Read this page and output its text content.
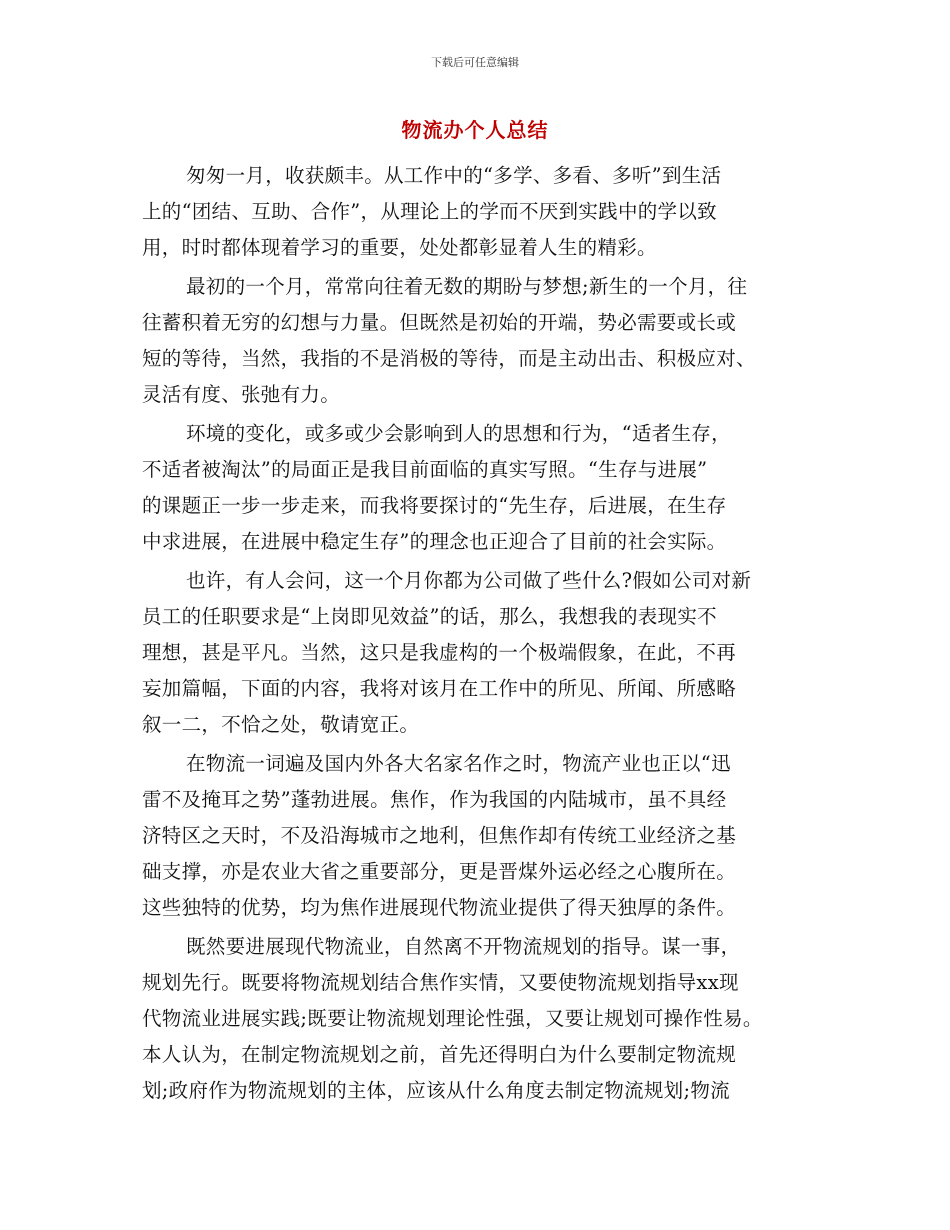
下载后可任意编辑
物流办个人总结
匆匆一月，收获颇丰。从工作中的“多学、多看、多听”到生活
上的“团结、互助、合作”，从理论上的学而不厌到实践中的学以致
用，时时都体现着学习的重要，处处都彰显着人生的精彩。
最初的一个月，常常向往着无数的期盼与梦想;新生的一个月，往
往蓄积着无穷的幻想与力量。但既然是初始的开端，势必需要或长或
短的等待，当然，我指的不是消极的等待，而是主动出击、积极应对、
灵活有度、张弛有力。
环境的变化，或多或少会影响到人的思想和行为，“适者生存，
不适者被淘汰”的局面正是我目前面临的真实写照。“生存与进展”
的课题正一步一步走来，而我将要探讨的“先生存，后进展，在生存
中求进展，在进展中稳定生存”的理念也正迎合了目前的社会实际。
也许，有人会问，这一个月你都为公司做了些什么?假如公司对新
员工的任职要求是“上岗即见效益”的话，那么，我想我的表现实不
理想，甚是平凡。当然，这只是我虚构的一个极端假象，在此，不再
妄加篇幅，下面的内容，我将对该月在工作中的所见、所闻、所感略
叙一二，不恰之处，敬请宽正。
在物流一词遍及国内外各大名家名作之时，物流产业也正以“迅
雷不及掩耳之势”蓬勃进展。焦作，作为我国的内陆城市，虽不具经
济特区之天时，不及沿海城市之地利，但焦作却有传统工业经济之基
础支撑，亦是农业大省之重要部分，更是晋煤外运必经之心腹所在。
这些独特的优势，均为焦作进展现代物流业提供了得天独厚的条件。
既然要进展现代物流业，自然离不开物流规划的指导。谋一事，
规划先行。既要将物流规划结合焦作实情，又要使物流规划指导xx现
代物流业进展实践;既要让物流规划理论性强，又要让规划可操作性易。
本人认为，在制定物流规划之前，首先还得明白为什么要制定物流规
划;政府作为物流规划的主体，应该从什么角度去制定物流规划;物流
